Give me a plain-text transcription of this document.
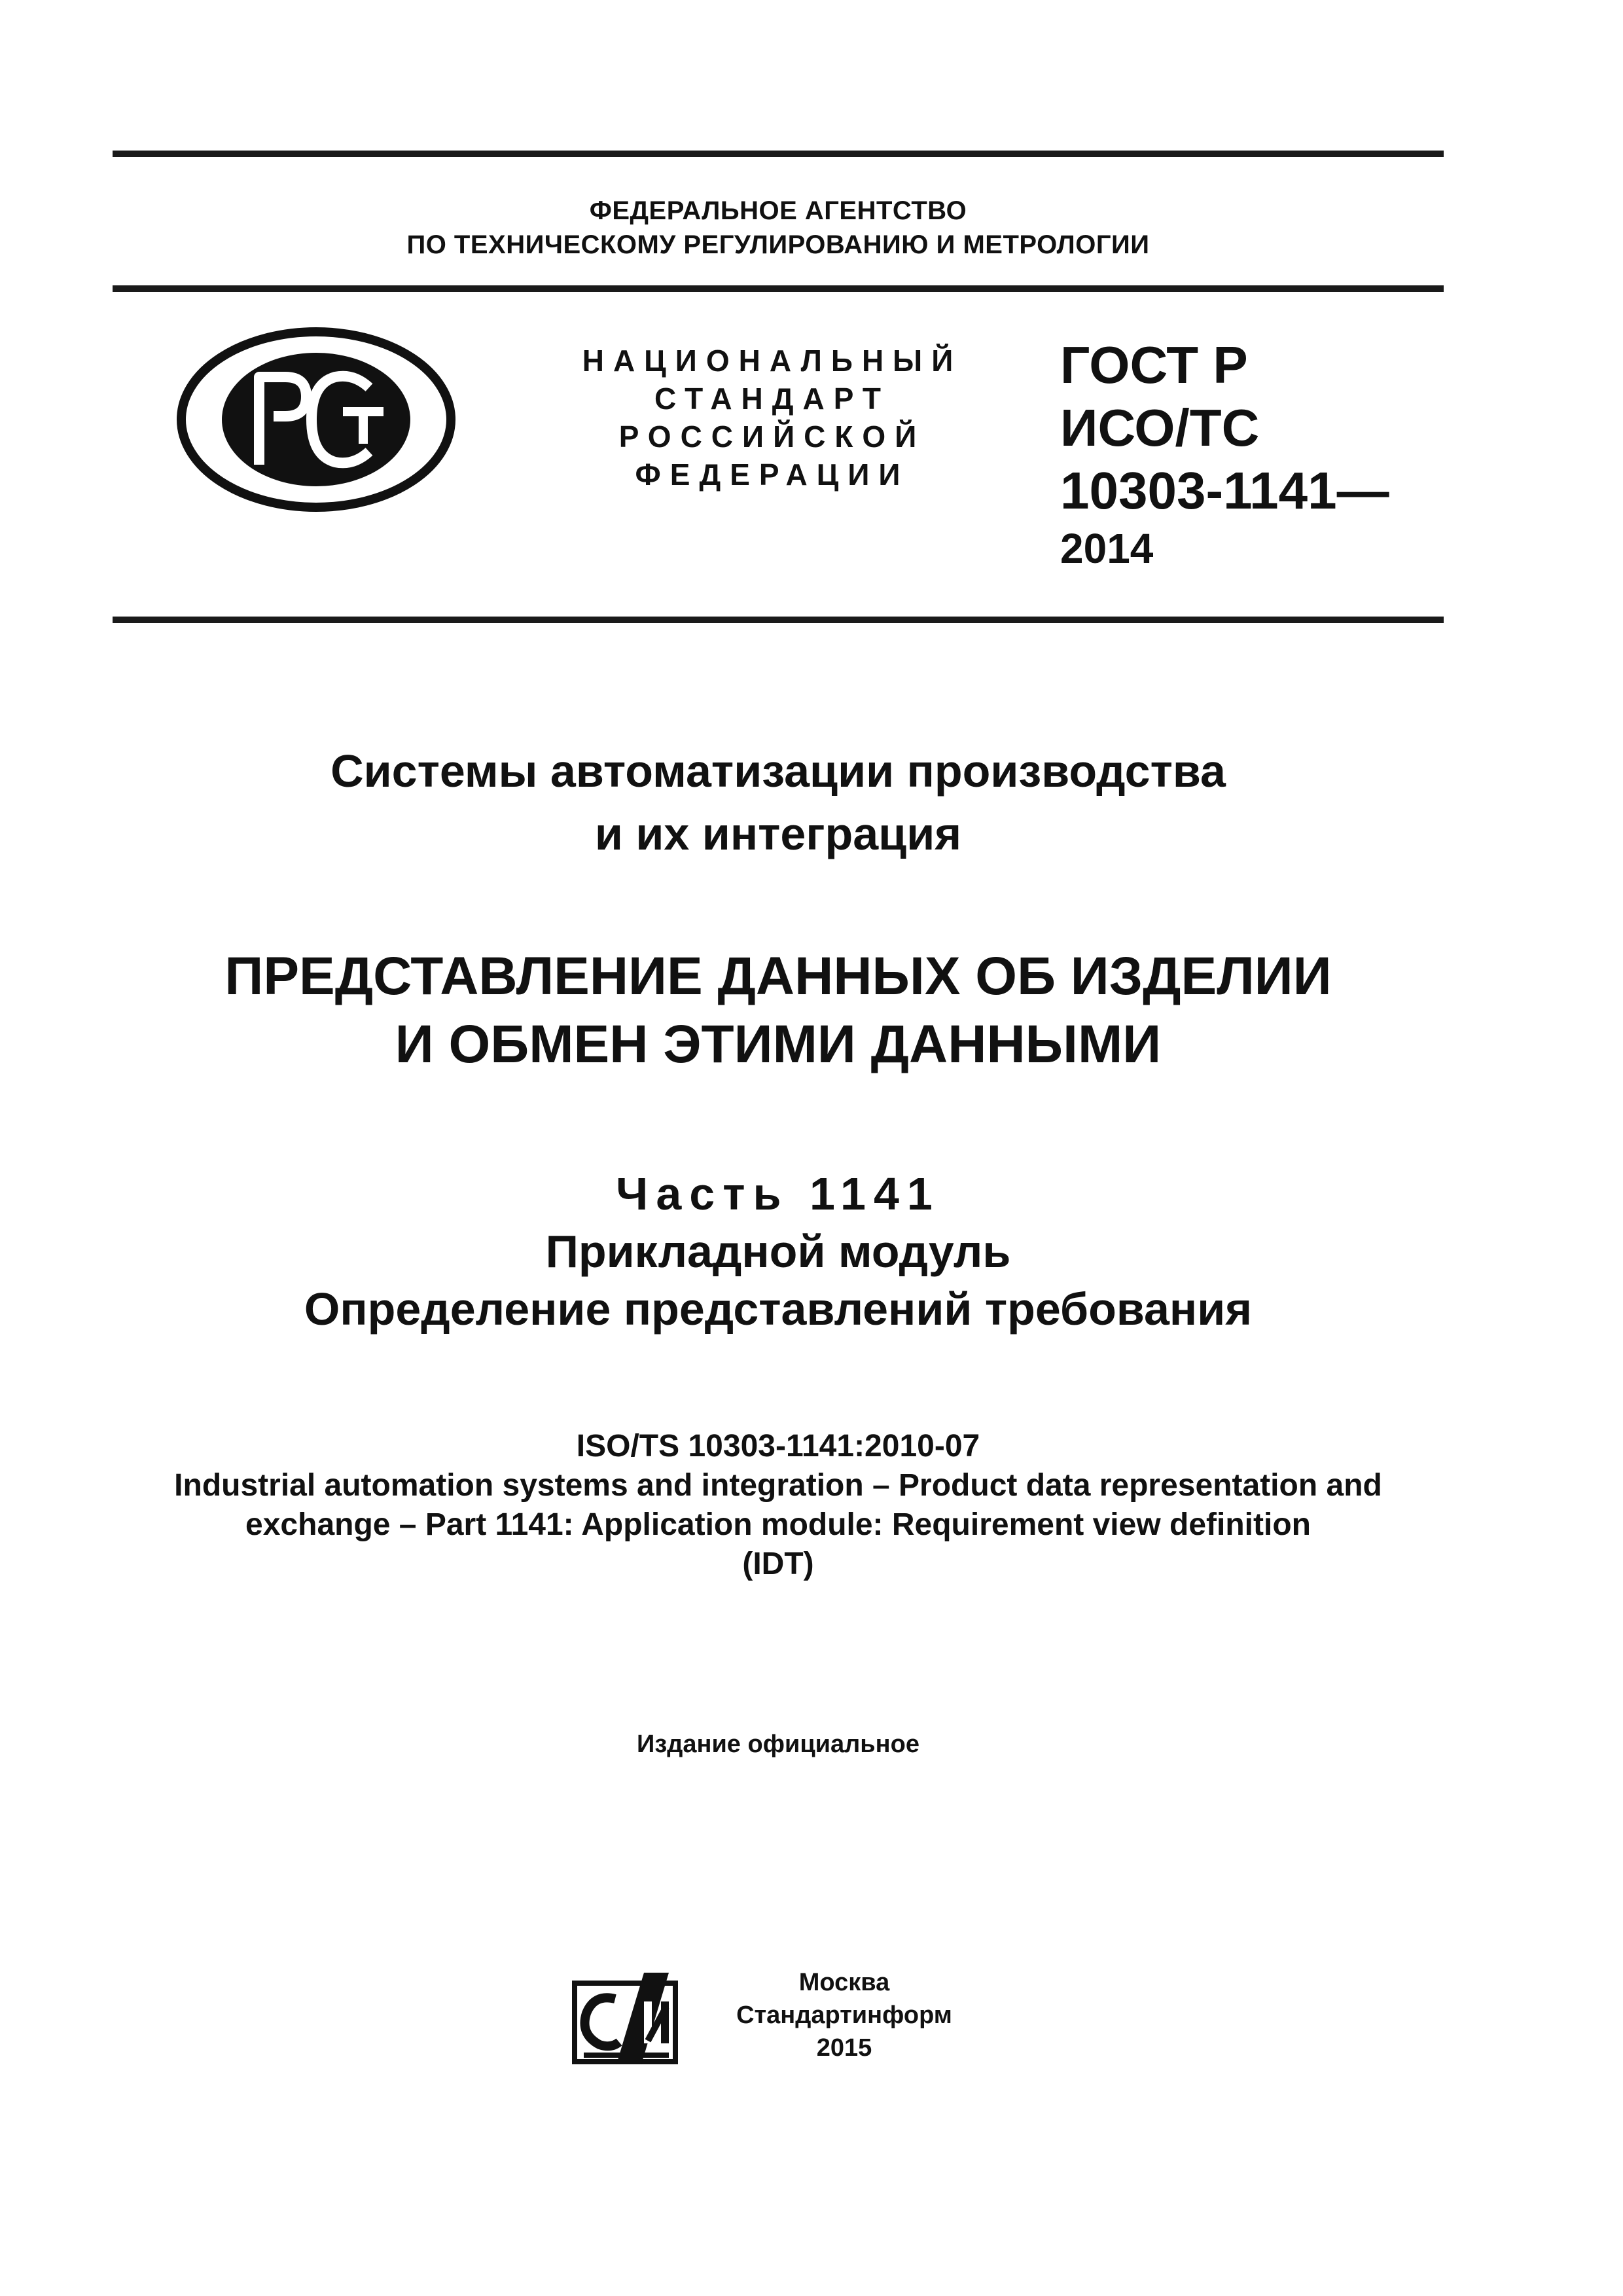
ФЕДЕРАЛЬНОЕ АГЕНТСТВО
ПО ТЕХНИЧЕСКОМУ РЕГУЛИРОВАНИЮ И МЕТРОЛОГИИ
НАЦИОНАЛЬНЫЙ
СТАНДАРТ
РОССИЙСКОЙ
ФЕДЕРАЦИИ
ГОСТ Р
ИСО/ТС
10303-1141—
2014
Системы автоматизации производства
и их интеграция
ПРЕДСТАВЛЕНИЕ ДАННЫХ ОБ ИЗДЕЛИИ
И ОБМЕН ЭТИМИ ДАННЫМИ
Часть 1141
Прикладной модуль
Определение представлений требования
ISO/TS 10303-1141:2010-07
Industrial automation systems and integration – Product data representation and
exchange – Part 1141: Application module: Requirement view definition
(IDT)
Издание официальное
Москва
Стандартинформ
2015
